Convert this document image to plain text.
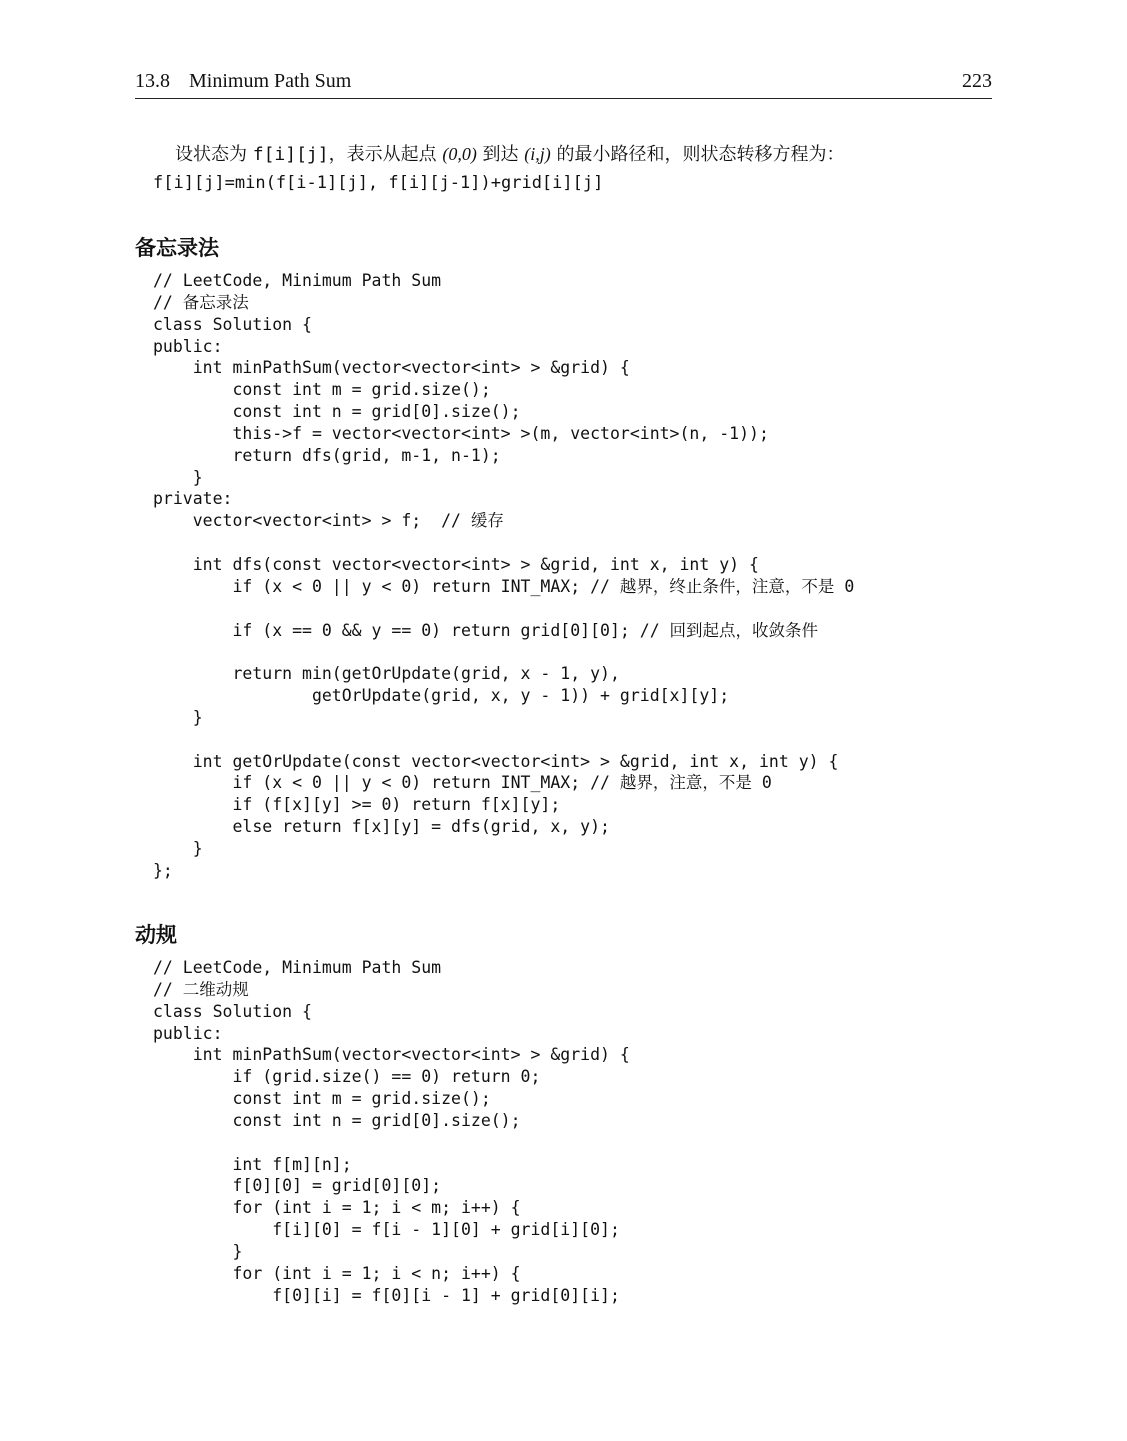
13.8 Minimum Path Sum	223
设状态为 f[i][j]，表示从起点 (0,0) 到达 (i,j) 的最小路径和，则状态转移方程为：
f[i][j]=min(f[i-1][j], f[i][j-1])+grid[i][j]
备忘录法
// LeetCode, Minimum Path Sum
// 备忘录法
class Solution {
public:
int minPathSum(vector<vector<int> > &grid) {
const int m = grid.size();
const int n = grid[0].size();
this->f = vector<vector<int> >(m, vector<int>(n, -1));
return dfs(grid, m-1, n-1);
}
private:
vector<vector<int> > f;  // 缓存
int dfs(const vector<vector<int> > &grid, int x, int y) {
if (x < 0 || y < 0) return INT_MAX; // 越界，终止条件，注意，不是 0
if (x == 0 && y == 0) return grid[0][0]; // 回到起点，收敛条件
return min(getOrUpdate(grid, x - 1, y),
getOrUpdate(grid, x, y - 1)) + grid[x][y];
}
int getOrUpdate(const vector<vector<int> > &grid, int x, int y) {
if (x < 0 || y < 0) return INT_MAX; // 越界，注意，不是 0
if (f[x][y] >= 0) return f[x][y];
else return f[x][y] = dfs(grid, x, y);
}
};
动规
// LeetCode, Minimum Path Sum
// 二维动规
class Solution {
public:
int minPathSum(vector<vector<int> > &grid) {
if (grid.size() == 0) return 0;
const int m = grid.size();
const int n = grid[0].size();
int f[m][n];
f[0][0] = grid[0][0];
for (int i = 1; i < m; i++) {
f[i][0] = f[i - 1][0] + grid[i][0];
}
for (int i = 1; i < n; i++) {
f[0][i] = f[0][i - 1] + grid[0][i];
